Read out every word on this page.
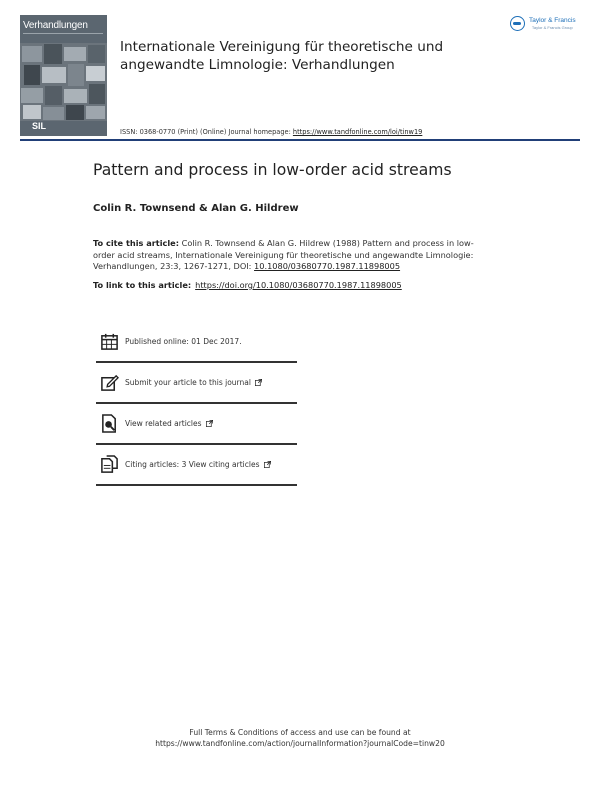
Verhandlungen
SIL
Internationale Vereinigung für theoretische und
angewandte Limnologie: Verhandlungen
Taylor & Francis
Taylor & Francis Group
ISSN: 0368-0770 (Print) (Online) Journal homepage: https://www.tandfonline.com/loi/tinw19
Pattern and process in low-order acid streams
Colin R. Townsend & Alan G. Hildrew
To cite this article: Colin R. Townsend & Alan G. Hildrew (1988) Pattern and process in low-
order acid streams, Internationale Vereinigung für theoretische und angewandte Limnologie:
Verhandlungen, 23:3, 1267-1271, DOI: 10.1080/03680770.1987.11898005
To link to this article: https://doi.org/10.1080/03680770.1987.11898005
Published online: 01 Dec 2017.
Submit your article to this journal
View related articles
Citing articles: 3 View citing articles
Full Terms & Conditions of access and use can be found at
https://www.tandfonline.com/action/journalInformation?journalCode=tinw20
